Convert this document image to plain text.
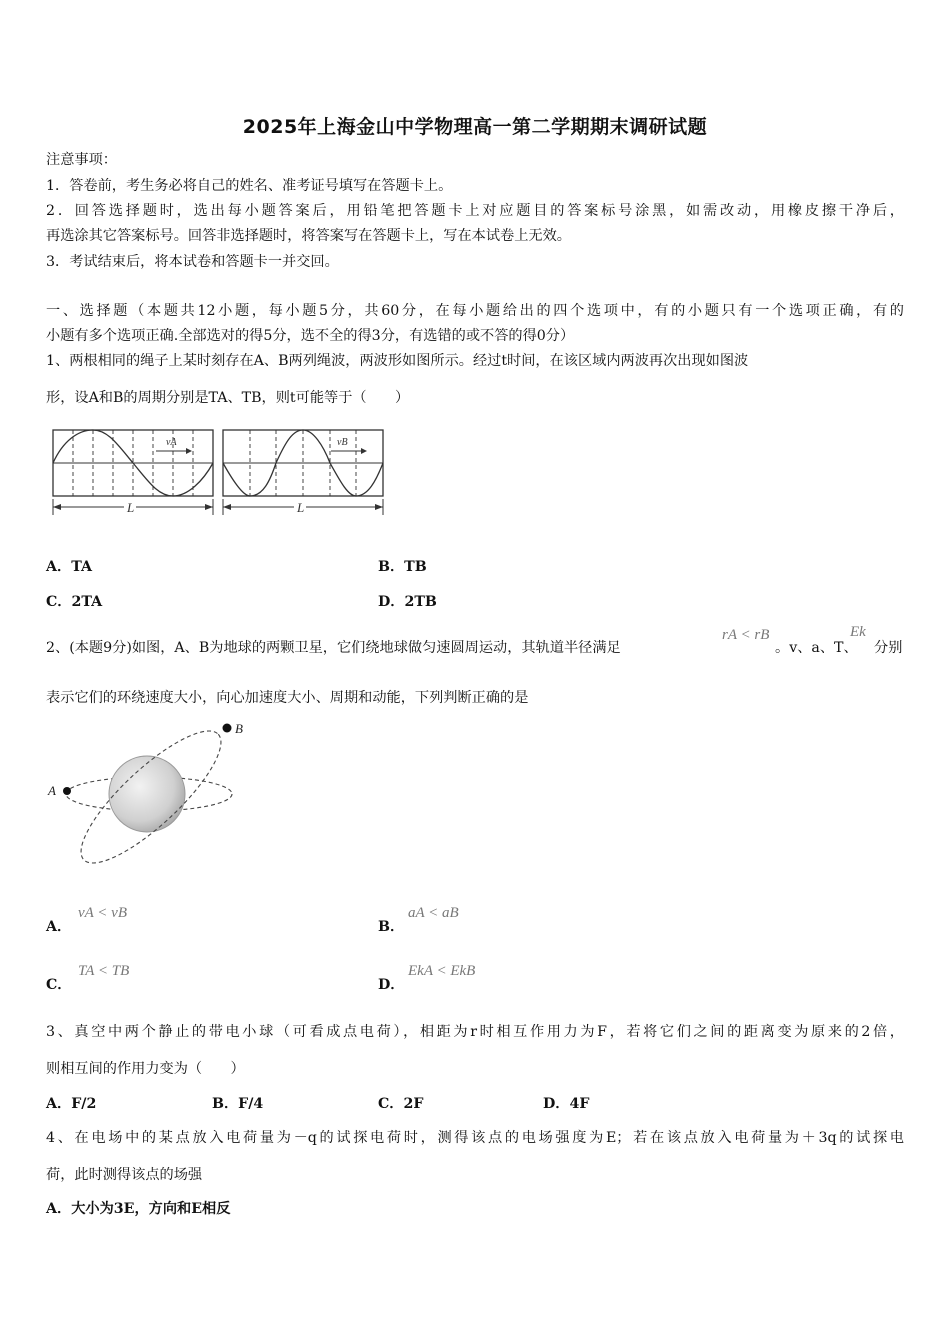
2025年上海金山中学物理高一第二学期期末调研试题
注意事项：
1．答卷前，考生务必将自己的姓名、准考证号填写在答题卡上。
2．回答选择题时，选出每小题答案后，用铅笔把答题卡上对应题目的答案标号涂黑，如需改动，用橡皮擦干净后，
再选涂其它答案标号。回答非选择题时，将答案写在答题卡上，写在本试卷上无效。
3．考试结束后，将本试卷和答题卡一并交回。
一、选择题（本题共12小题，每小题5分，共60分，在每小题给出的四个选项中，有的小题只有一个选项正确，有的
小题有多个选项正确.全部选对的得5分，选不全的得3分，有选错的或不答的得0分）
1、两根相同的绳子上某时刻存在A、B两列绳波，两波形如图所示。经过t时间，在该区域内两波再次出现如图波
形，设A和B的周期分别是TA、TB，则t可能等于（　　）
vA	vB
L	L
A．TA	B．TB
C．2TA	D．2TB
2、(本题9分)如图，A、B为地球的两颗卫星，它们绕地球做匀速圆周运动，其轨道半径满足
rA < rB
。v、a、T、
Ek
分别
表示它们的环绕速度大小，向心加速度大小、周期和动能，下列判断正确的是
A
B
A．
vA < vB
B．
aA < aB
C．
TA < TB
D．
EkA < EkB
3、真空中两个静止的带电小球（可看成点电荷），相距为r时相互作用力为F，若将它们之间的距离变为原来的2倍，
则相互间的作用力变为（　　）
A．F/2	B．F/4	C．2F	D．4F
4、在电场中的某点放入电荷量为－q的试探电荷时，测得该点的电场强度为E；若在该点放入电荷量为＋3q的试探电
荷，此时测得该点的场强
A．大小为3E，方向和E相反
